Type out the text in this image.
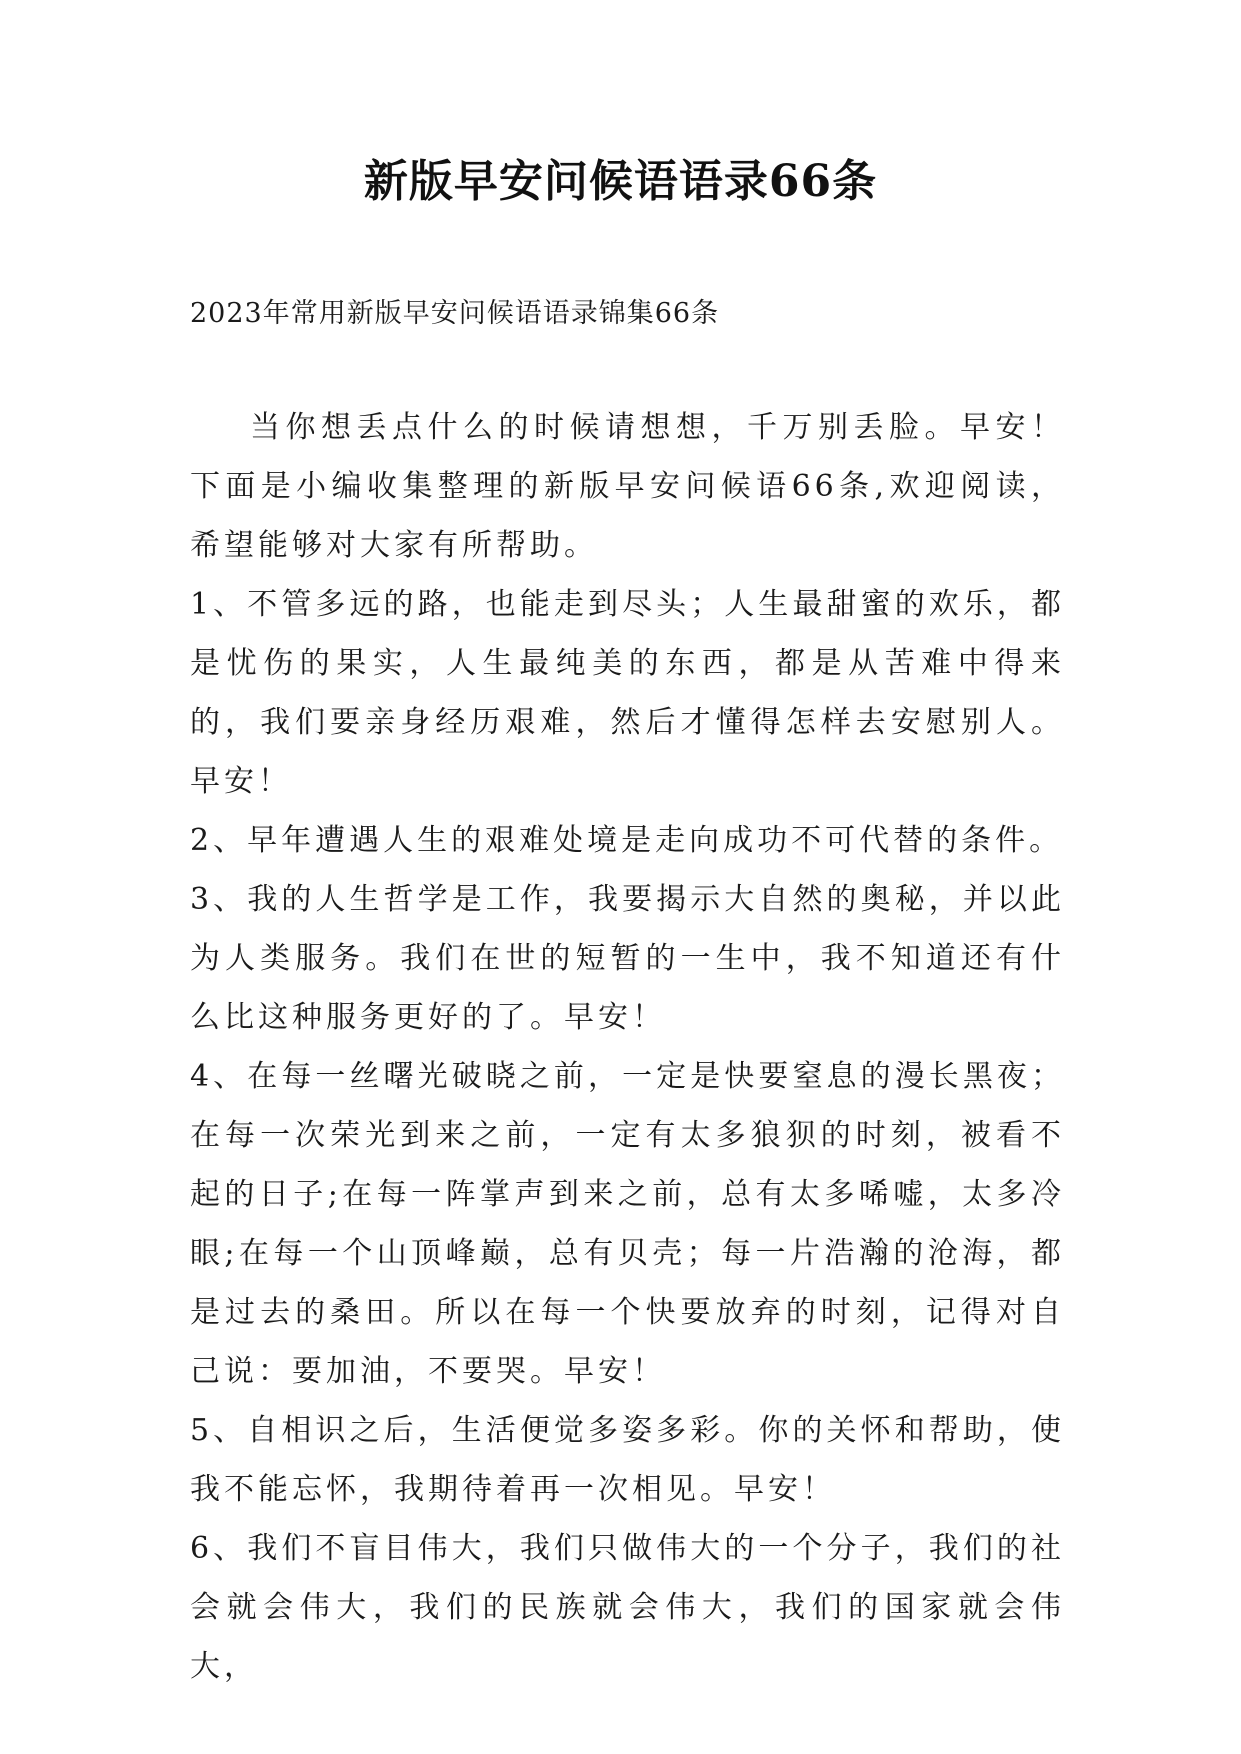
新版早安问候语语录66条
2023年常用新版早安问候语语录锦集66条

当你想丢点什么的时候请想想，千万别丢脸。早安！下面是小编收集整理的新版早安问候语66条,欢迎阅读，希望能够对大家有所帮助。

1、不管多远的路，也能走到尽头；人生最甜蜜的欢乐，都是忧伤的果实，人生最纯美的东西，都是从苦难中得来的，我们要亲身经历艰难，然后才懂得怎样去安慰别人。早安！

2、早年遭遇人生的艰难处境是走向成功不可代替的条件。

3、我的人生哲学是工作，我要揭示大自然的奥秘，并以此为人类服务。我们在世的短暂的一生中，我不知道还有什么比这种服务更好的了。早安！

4、在每一丝曙光破晓之前，一定是快要窒息的漫长黑夜；在每一次荣光到来之前，一定有太多狼狈的时刻，被看不起的日子;在每一阵掌声到来之前，总有太多唏嘘，太多冷眼;在每一个山顶峰巅，总有贝壳；每一片浩瀚的沧海，都是过去的桑田。所以在每一个快要放弃的时刻，记得对自己说：要加油，不要哭。早安！

5、自相识之后，生活便觉多姿多彩。你的关怀和帮助，使我不能忘怀，我期待着再一次相见。早安！

6、我们不盲目伟大，我们只做伟大的一个分子，我们的社会就会伟大，我们的民族就会伟大，我们的国家就会伟大，
